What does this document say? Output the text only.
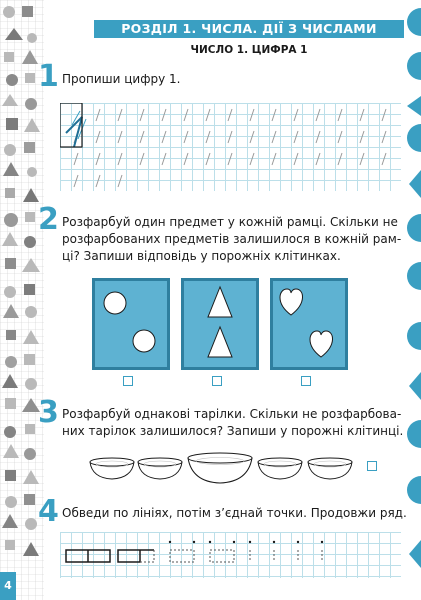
РОЗДІЛ 1. ЧИСЛА. ДІЇ З ЧИСЛАМИ
ЧИСЛО 1. ЦИФРА 1
1 Пропиши цифру 1.
2 Розфарбуй один предмет у кожній рамці. Скільки не
розфарбованих предметів залишилося в кожній рам-
ці? Запиши відповідь у порожніх клітинках.
3 Розфарбуй однакові тарілки. Скільки не розфарбова-
них тарілок залишилося? Запиши у порожні клітинці.
4 Обведи по лініях, потім з’єднай точки. Продовжи ряд.
4
